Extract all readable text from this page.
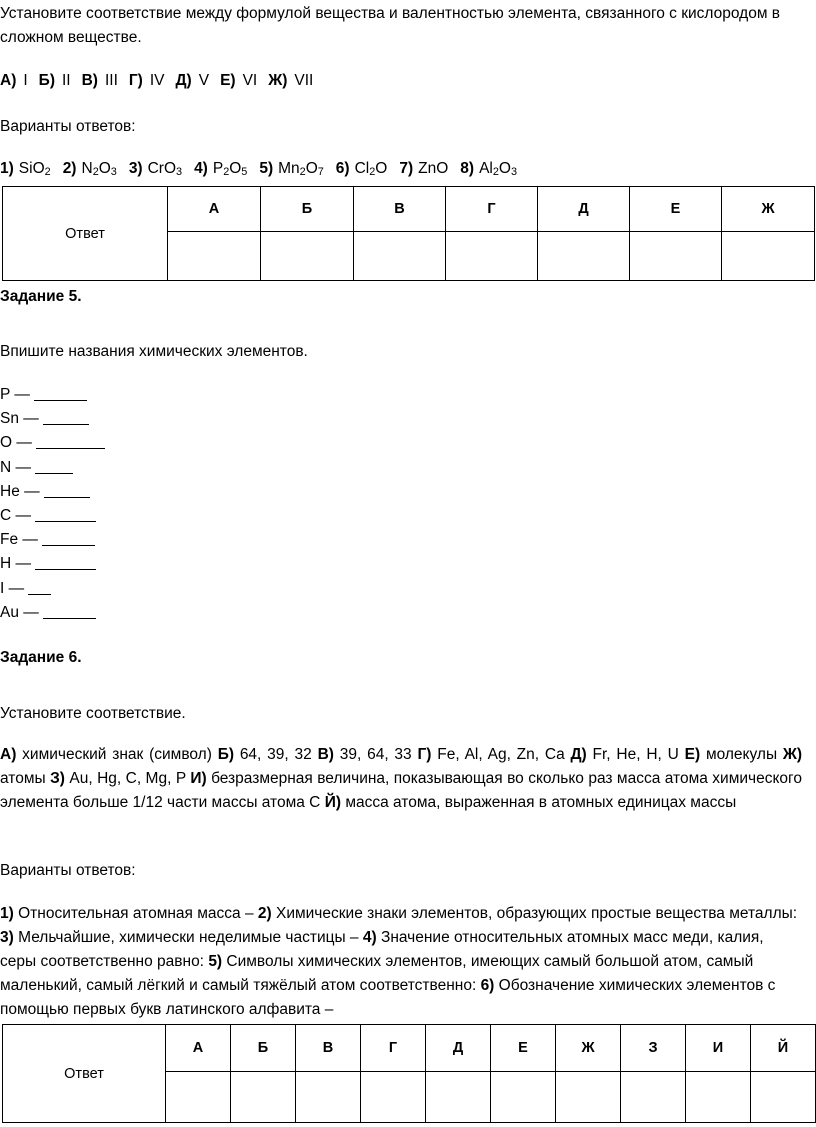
Установите соответствие между формулой вещества и валентностью элемента, связанного с кислородом в
сложном веществе.
А) I Б) II В) III Г) IV Д) V Е) VI Ж) VII
Варианты ответов:
1) SiO$_2$ 2) $N_2O_3$ 3) CrO$_3$ 4) $P_2O_5$ 5) $Mn_2O_7$ 6) $Cl_2O$ 7) ZnO 8) $Al_2O_3$
Ответ	А	Б	В	Г	Д	Е	Ж

Задание 5.
Впишите названия химических элементов.
P —
Sn —
O —
N —
He —
C —
Fe —
H —
I —
Au —
Задание 6.
Установите соответствие.
А) химический знак (символ) Б) 64, 39, 32 В) 39, 64, 33 Г) Fe, Al, Ag, Zn, Ca Д) Fr, He, H, U Е) молекулы Ж) атомы З) Au, Hg, C, Mg, P И) безразмерная величина, показывающая во сколько раз масса атома химического элемента больше 1/12 части массы атома С Й) масса атома, выраженная в атомных единицах массы
Варианты ответов:
1) Относительная атомная масса – 2) Химические знаки элементов, образующих простые вещества металлы: 3) Мельчайшие, химически неделимые частицы – 4) Значение относительных атомных масс меди, калия, серы соответственно равно: 5) Символы химических элементов, имеющих самый большой атом, самый маленький, самый лёгкий и самый тяжёлый атом соответственно: 6) Обозначение химических элементов с помощью первых букв латинского алфавита –
Ответ	А	Б	В	Г	Д	Е	Ж	З	И	Й
